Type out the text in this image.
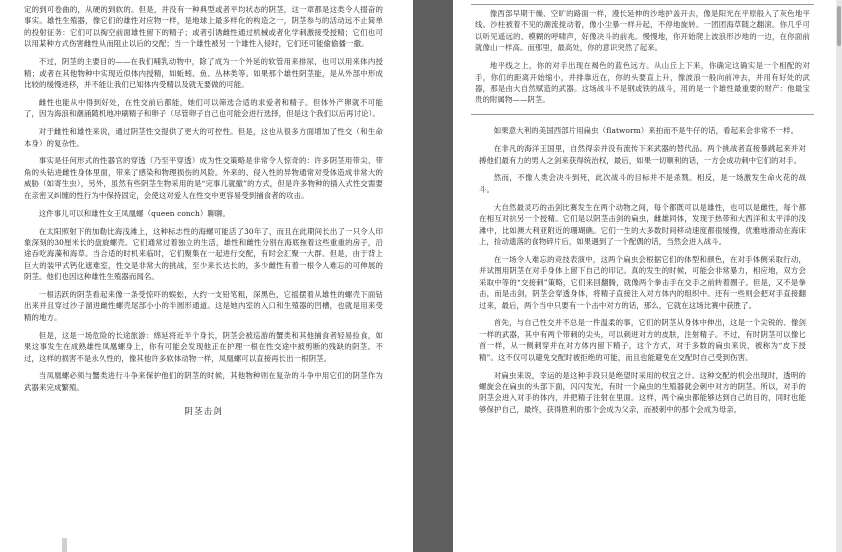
定的到可卷曲的，从硬的到软的。但是，并没有一种典型或者平均状态的阴茎，这一章都是这类令人掇奋的事实。雄性生殖器，像它们的雄性对应物一样，是地球上最多样化的构造之一，阴茎参与的活动远不止简单的投射征务：它们可以掏空前面雄性留下的精子；或者引诱雌性通过机械或者化学刺激接受授精；它们也可以用某种方式伤害雌性从而阻止以后的交配；当一个雄性被另一个雄性入侵时，它们还可能偷偷播一撒。

不过，阴茎的主要目的——在我们哺乳动物中，除了成为一个外延的软管用来排尿，也可以用来体内授精；或者在其他物种中实现近似体内授精，如蚯蚓、鱼、丛林类等。如果那个雄性阴茎能，是从外部中形成比较的缓慢进移，并不能让我们已知体内受精以及就无要做的可能。

雌性也能从中得到好处，在性交前后都能，她们可以筛选合适的求爱者和精子。但体外产卵就不可能了，因为海浪和潮涌随机地冲刷精子和卵子（尽管卵子自己也可能会进行选择，但是这个我们以后再讨论）。

对于雌性和雄性来说，通过阴茎性交提供了更大的可控性。但是，这也从很多方面增加了性交（和生命本身）的复杂性。

事实是任何形式的性器官的穿透（乃至平穿透）成为性交策略是非常令人惊奇的：许多阴茎用带尖、带角的头钻进雌性身体里面，带来了感染和物理损伤的风险。外来的、侵入性的异物通常对受体造成非常大的威胁（如寄生虫），另外，虽然有些阴茎生物采用的是“完事儿就撤”的方式，但是许多物种的插入式性交需要在亲密又纠缠的性行为中保持固定，会使这对爱人在性交中更容易受到捕食者的攻击。

这件事儿可以和雄性女王凤凰螺（queen conch）聊聊。

在太阳照射下的加勒比海浅滩上，这种标志性的海螺可能活了30年了，而且在此期间长出了一只令人印象深刻的30厘米长的盘旋螺壳。它们通常过着独立的生活，雄性和雌性分别在海底拖着这些重重的房子，沿途吞吃海藻和海草。当合适的时机来临时，它们聚集在一起进行交配，有时会汇聚一大群。但是，由于背上巨大的装甲式钙化遮难室，性交是非常大的挑战，至少来长达长的，多少雌性有着一根令人难忘的可伸展的阴茎。他们也因这种雄性生殖器而闻名。

一根活跃的阴茎看起来像一条受惊吓的蜈蚣，大约一支铅笔粗，深黑色，它摇摆着从雄性的螺壳下面钻出来并且穿过沙子溜进雌性螺壳尾部小小的半圆形通道。这是她内室的入口和生殖器的凹槽，也就是用来受精的地方。

但是，这是一场危险的长途旅游：绵延将近半个身长，阴茎会被巡游的蟹类和其他捕食者轻易捡食，如果这事发生在成熟雄性凤凰螺身上，你有可能会发现他正在护理一根在性交途中被剪断的残缺的阴茎。不过，这样的损害不是永久性的，像其他许多软体动物一样，凤凰螺可以直接再长出一根阴茎。

当凤凰螺必须与蟹类进行斗争来保护他们的阴茎的时候，其他物种则在复杂的斗争中用它们的阴茎作为武器来完成繁殖。

阴茎击剑

像西部早期干燥、空旷的路面一样，漫长延伸的沙地护盖开去，像是阳光在平原般入了灰色地平线。沙柱被着不见的潮流搅动着，像小尘暴一样升起，不停地旋转。一团团海草随之翻滚。你几乎可以听见遥远的、模糊的呼啸声，好像决斗的前兆。慢慢地，你开始爬上波浪形沙地的一边，在你面前就像山一样高。而那里，最高处，你的意识突然了起来。

地平线之上，你的对手出现在褐色的蓝色远方。从山丘上下来，你确定这确实是一个相配的对手，你们的距离开始缩小，并排靠近在，你的头要直上升，像波浪一般向前冲去，并用有好处的武器，那是由大自然赋造的武器。这场战斗不是钢或铁的战斗，用的是一个雄性最重要的财产：他最宝贵的附属物——阴茎。

如果意大利的美国西部片用扁虫（flatworm）来拍而不是牛仔的话，看起来会非常不一样。

在非凡的海洋王国里，自然得亲并没有流传下来武器的替代品。两个挑战者直接暴跳起来并对搏他们最有力的男人之剑来获得统治权，最后，如果一切顺利的话，一方会成功刺中它们的对手。

然而，不像人类会决斗到死，此次战斗的目标并不是杀戮。相反，是一场激发生命火花的战斗。

大自然最灵巧的击剑比赛发生在两个动物之间，每个都既可以是雄性，也可以是雌性，每个都在相互对抗另一个授精。它们是以阴茎击剑的扁虫，雌雄同体，发现于热带和大西洋和太平洋的浅滩中，比如澳大利亚附近的珊瑚礁。它们一生的大多数时间移动速度都很缓慢，优雅地滑动在海床上，捡动遗落的食物碎片后，如果遇到了一个配偶的话，当然会进入战斗。

在一场令人难忘的竞技表演中，这两个扁虫会根据它们的体型和颜色，在对手体侧采取行动，并试图用阴茎在对手身体上留下自己的印记。真的发生的时候，可能会非常暴力，相应地，双方会采取中等的“交接刺”策略，它们来回翻腾，就像两个拳击手在交手之前转着圈子。但是，又不是拳击，而是击剑，阴茎会穿透身体，将精子直接注入对方体内的组织中。还有一些则会把对手直接翻过来，最后，两个当中只要有一个击中对方的话，那么，它就在这场比赛中获胜了。

首先，与自己性交并不总是一件温柔的事，它们的阴茎从身体中伸出，这是一个尖锐的、像剑一样的武器，其中有两个带刺的尖头，可以刺进对方的皮肤，注射精子。不过，有时阴茎可以像匕首一样，从一侧刺穿并在对方体内留下精子，这个方式，对于多数的扁虫来说，被称为“皮下授精”。这不仅可以避免交配时被拒绝的可能，而且也能避免在交配时自己受到伤害。

对扁虫来说，幸运的是这种手段只是绝望时采用的权宜之计。这种交配的机会出现时，透明的螺旋会在扁虫的头部下面，闪闪发光，有时一个扁虫的生殖器就会刺中对方的阴茎。所以，对手的阴茎会进入对手的体内，并把精子注射在里面。这样，两个扁虫都能够达到自己的目的，同时也能够保护自己，最终，获得胜利的那个会成为父亲，而被刺中的那个会成为母亲。
